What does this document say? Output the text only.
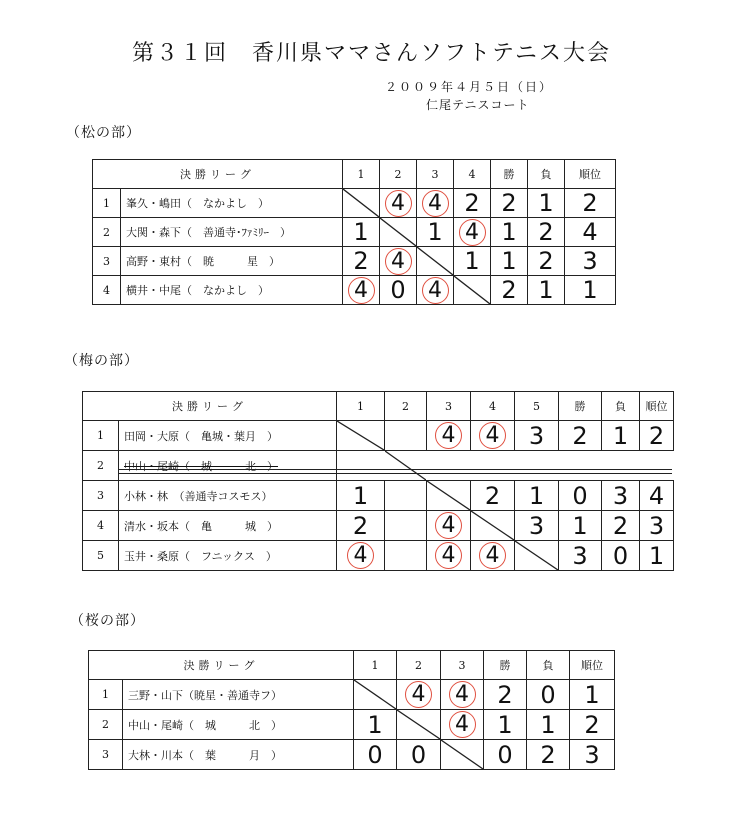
第３１回　香川県ママさんソフトテニス大会
２００９年４月５日（日）
仁尾テニスコート
（松の部）
決勝リーグ		1	2	3	4	勝	負	順位
1	峯久・嶋田（　なかよし　）		4	4	2	2	1	2
2	大関・森下（　善通寺･ﾌｧﾐﾘｰ　）	1		1	4	1	2	4
3	高野・東村（　暁　　　星　）	2	4		1	1	2	3
4	横井・中尾（　なかよし　）	4	0	4		2	1	1
（梅の部）
決勝リーグ		1	2	3	4	5	勝	負	順位
1	田岡・大原（　亀城・葉月　）			4	4	3	2	1	2
2	中山・尾崎（　城　　　北　）		

3	小林・林　（善通寺コスモス）	1			2	1	0	3	4
4	清水・坂本（　亀　　　城　）	2		4		3	1	2	3
5	玉井・桑原（　フニックス　）	4		4	4		3	0	1
（桜の部）
決勝リーグ		1	2	3	勝	負	順位
1	三野・山下（暁星・善通寺フ）		4	4	2	0	1
2	中山・尾崎（　城　　　北　）	1		4	1	1	2
3	大林・川本（　葉　　　月　）	0	0		0	2	3
